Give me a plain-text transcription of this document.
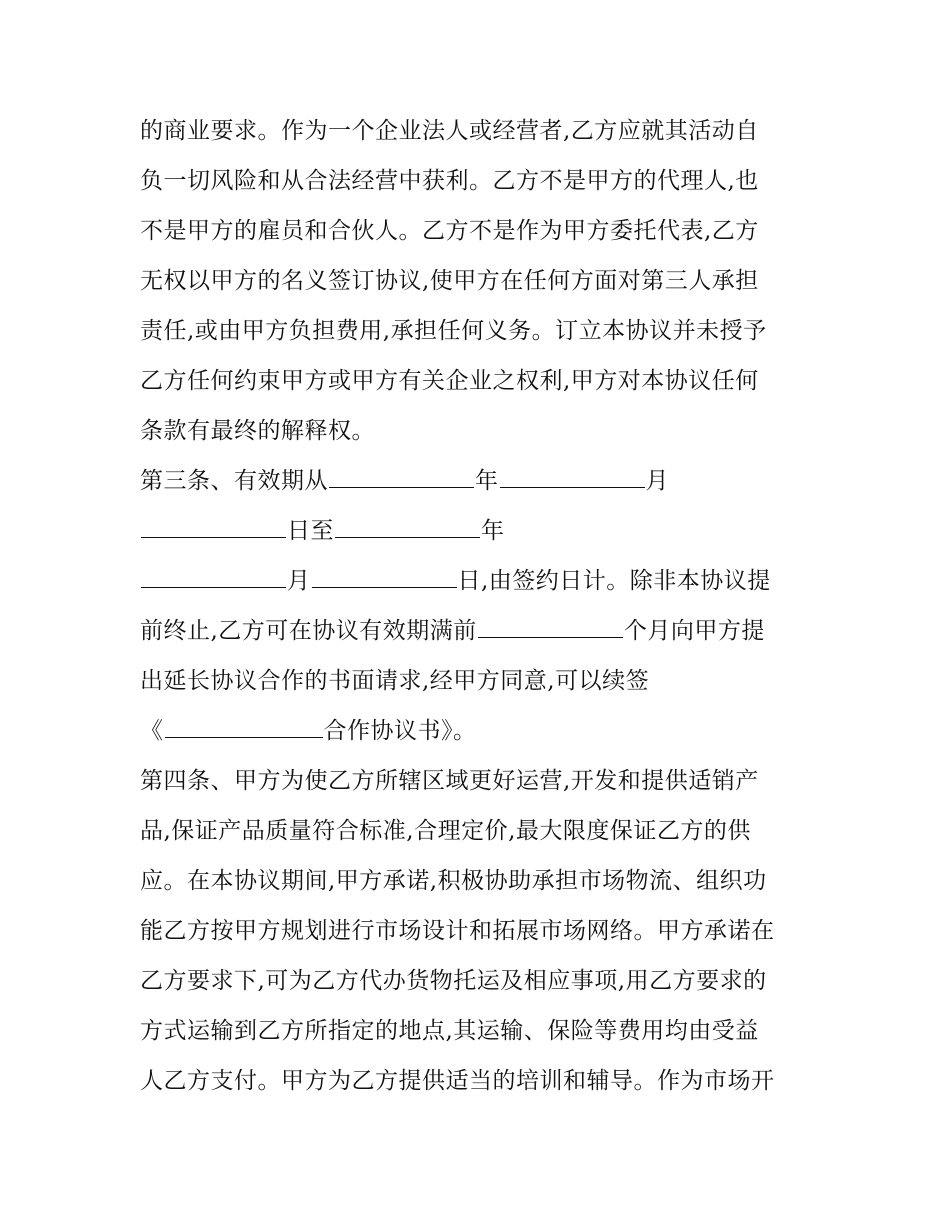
的商业要求。作为一个企业法人或经营者,乙方应就其活动自
负一切风险和从合法经营中获利。乙方不是甲方的代理人,也
不是甲方的雇员和合伙人。乙方不是作为甲方委托代表,乙方
无权以甲方的名义签订协议,使甲方在任何方面对第三人承担
责任,或由甲方负担费用,承担任何义务。订立本协议并未授予
乙方任何约束甲方或甲方有关企业之权利,甲方对本协议任何
条款有最终的解释权。
第三条、有效期从	年	月
日至	年
月	日,由签约日计。除非本协议提
前终止,乙方可在协议有效期满前	个月向甲方提
出延长协议合作的书面请求,经甲方同意,可以续签
《	合作协议书》。
第四条、甲方为使乙方所辖区域更好运营,开发和提供适销产
品,保证产品质量符合标准,合理定价,最大限度保证乙方的供
应。在本协议期间,甲方承诺,积极协助承担市场物流、组织功
能乙方按甲方规划进行市场设计和拓展市场网络。甲方承诺在
乙方要求下,可为乙方代办货物托运及相应事项,用乙方要求的
方式运输到乙方所指定的地点,其运输、保险等费用均由受益
人乙方支付。甲方为乙方提供适当的培训和辅导。作为市场开
